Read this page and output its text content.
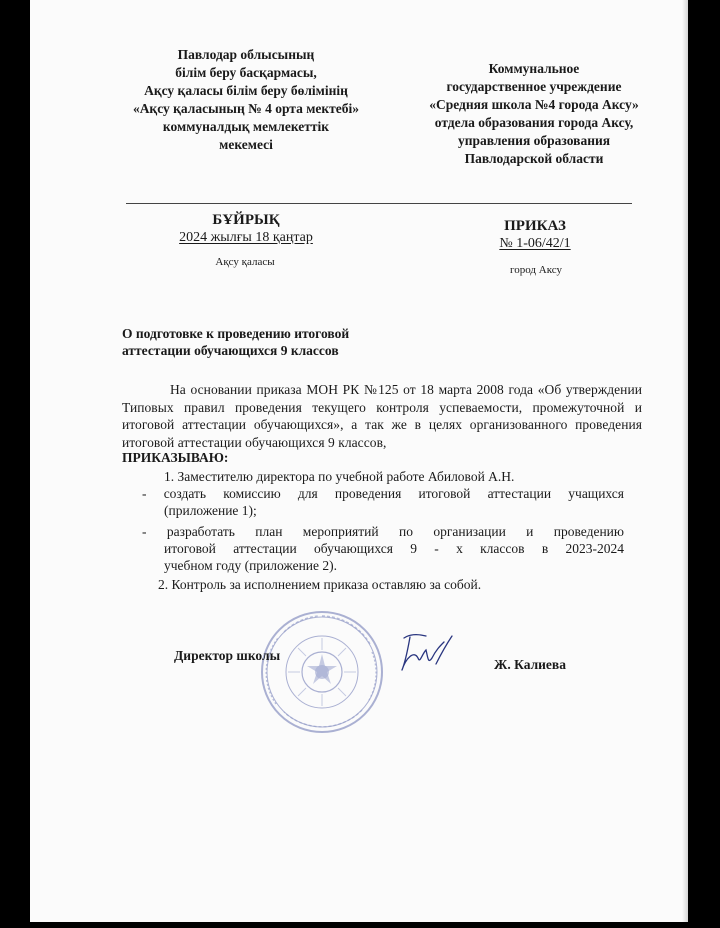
Павлодар облысының
білім беру басқармасы,
Ақсу қаласы білім беру бөлімінің
«Ақсу қаласының № 4 орта мектебі»
коммуналдық мемлекеттік
мекемесі
Коммунальное
государственное учреждение
«Средняя школа №4 города Аксу»
отдела образования города Аксу,
управления образования
Павлодарской области
БҰЙРЫҚ
2024 жылғы 18 қаңтар
Ақсу қаласы
ПРИКАЗ
№ 1-06/42/1
город Аксу
О подготовке к проведению итоговой
аттестации обучающихся 9 классов
На основании приказа МОН РК №125 от 18 марта 2008 года «Об утверждении Типовых правил проведения текущего контроля успеваемости, промежуточной и итоговой аттестации обучающихся», а так же в целях организованного проведения итоговой аттестации обучающихся 9 классов,
ПРИКАЗЫВАЮ:
1. Заместителю директора по учебной работе Абиловой А.Н.
- создать комиссию для проведения итоговой аттестации учащихся
(приложение 1);
- разработать план мероприятий по организации и проведению
итоговой аттестации обучающихся 9 - х классов в 2023-2024
учебном году (приложение 2).
2. Контроль за исполнением приказа оставляю за собой.
Директор школы
Ж. Калиева
